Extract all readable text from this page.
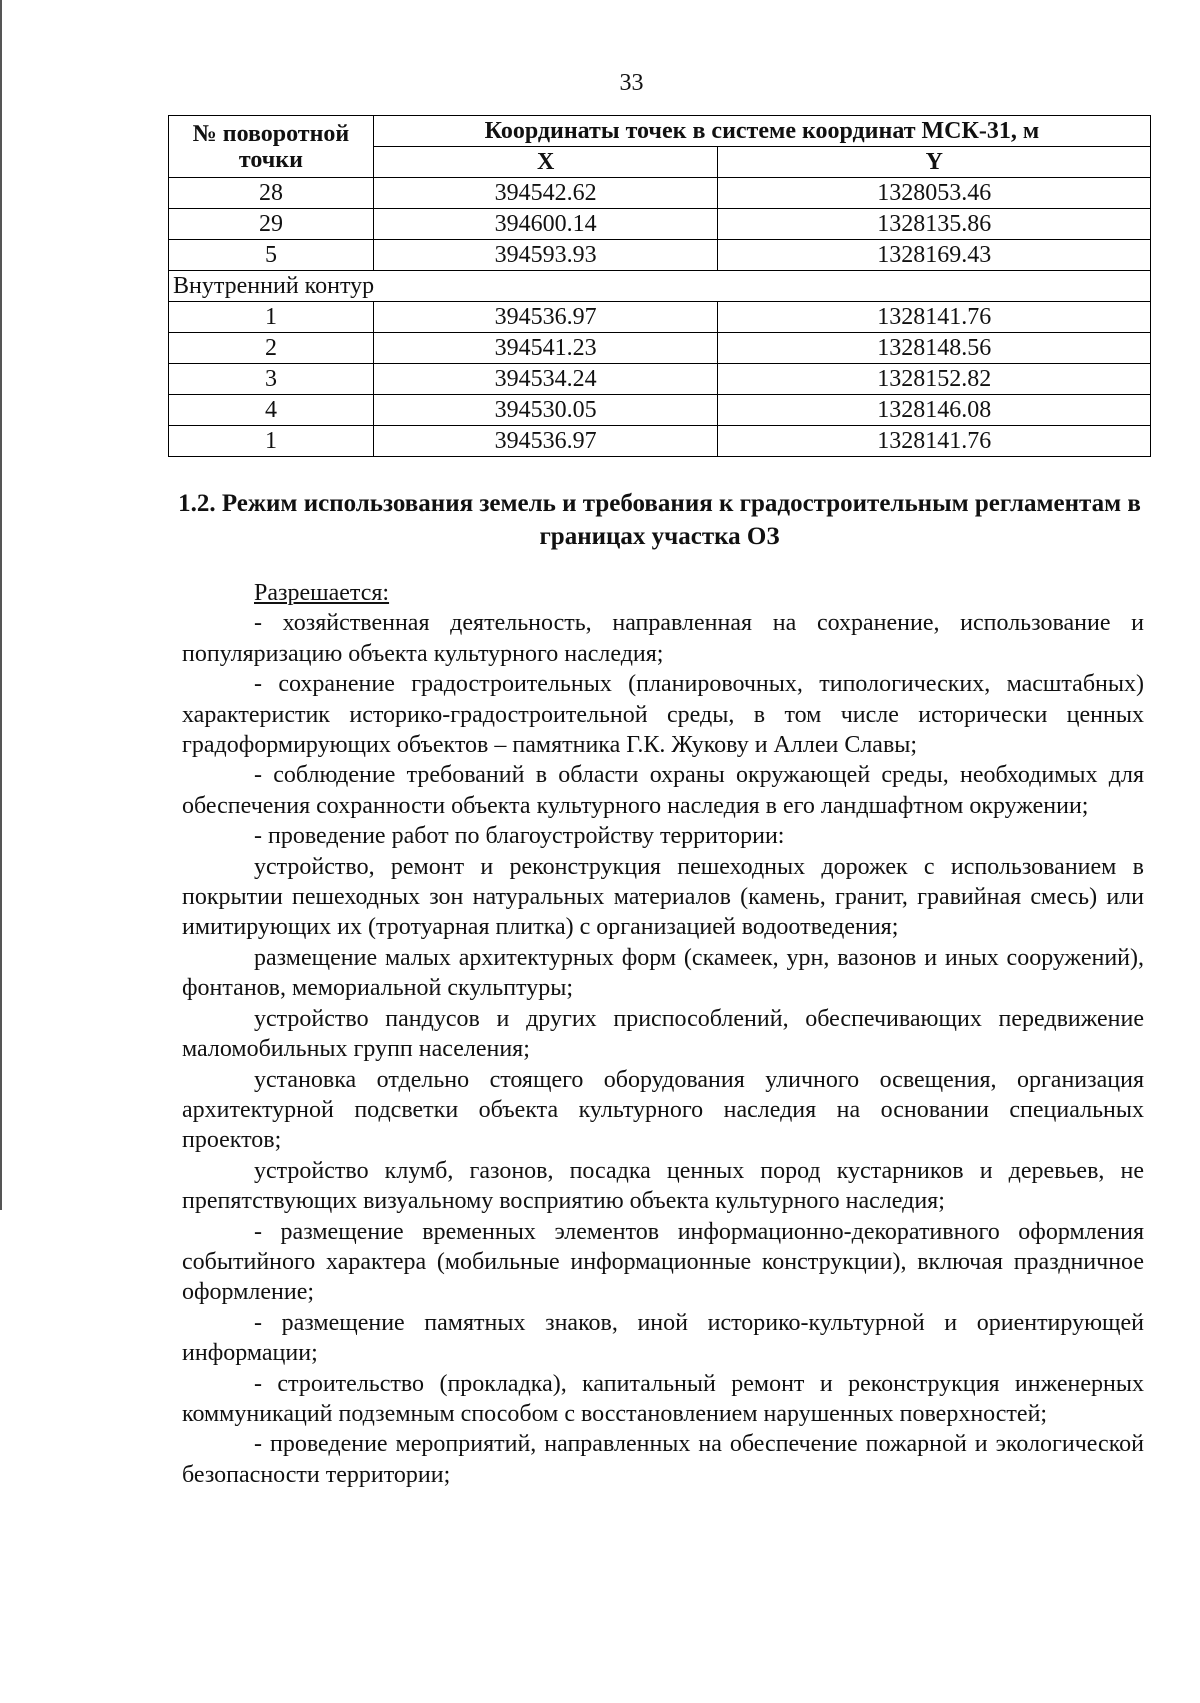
33
№ поворотной точки	Координаты точек в системе координат МСК-31, м	
	X	Y
28	394542.62	1328053.46
29	394600.14	1328135.86
5	394593.93	1328169.43
Внутренний контур		
1	394536.97	1328141.76
2	394541.23	1328148.56
3	394534.24	1328152.82
4	394530.05	1328146.08
1	394536.97	1328141.76
1.2. Режим использования земель и требования к градостроительным регламентам в границах участка ОЗ

Разрешается:

- хозяйственная деятельность, направленная на сохранение, использование и популяризацию объекта культурного наследия;

- сохранение градостроительных (планировочных, типологических, масштабных) характеристик историко-градостроительной среды, в том числе исторически ценных градоформирующих объектов – памятника Г.К. Жукову и Аллеи Славы;

- соблюдение требований в области охраны окружающей среды, необходимых для обеспечения сохранности объекта культурного наследия в его ландшафтном окружении;

- проведение работ по благоустройству территории:

устройство, ремонт и реконструкция пешеходных дорожек с использованием в покрытии пешеходных зон натуральных материалов (камень, гранит, гравийная смесь) или имитирующих их (тротуарная плитка) с организацией водоотведения;

размещение малых архитектурных форм (скамеек, урн, вазонов и иных сооружений), фонтанов, мемориальной скульптуры;

устройство пандусов и других приспособлений, обеспечивающих передвижение маломобильных групп населения;

установка отдельно стоящего оборудования уличного освещения, организация архитектурной подсветки объекта культурного наследия на основании специальных проектов;

устройство клумб, газонов, посадка ценных пород кустарников и деревьев, не препятствующих визуальному восприятию объекта культурного наследия;

- размещение временных элементов информационно-декоративного оформления событийного характера (мобильные информационные конструкции), включая праздничное оформление;

- размещение памятных знаков, иной историко-культурной и ориентирующей информации;

- строительство (прокладка), капитальный ремонт и реконструкция инженерных коммуникаций подземным способом с восстановлением нарушенных поверхностей;

- проведение мероприятий, направленных на обеспечение пожарной и экологической безопасности территории;
